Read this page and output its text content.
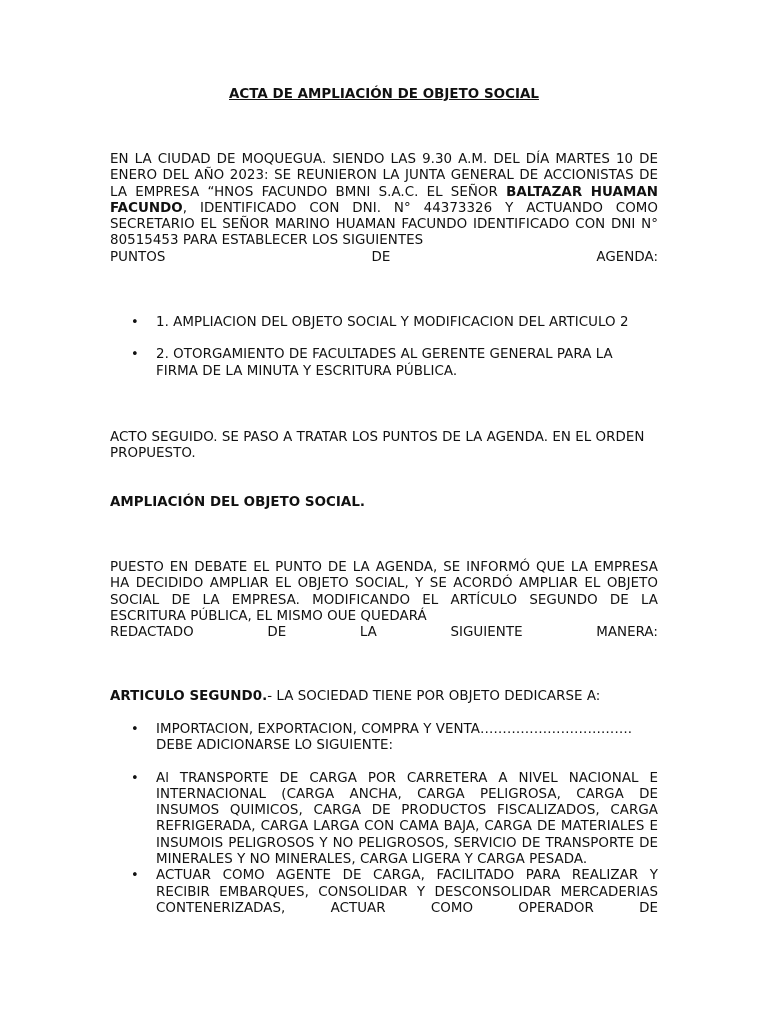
ACTA DE AMPLIACIÓN DE OBJETO SOCIAL
EN LA CIUDAD DE MOQUEGUA. SIENDO LAS 9.30 A.M. DEL DÍA MARTES 10 DE ENERO DEL AÑO 2023: SE REUNIERON LA JUNTA GENERAL DE ACCIONISTAS DE LA EMPRESA “HNOS FACUNDO BMNI S.A.C. EL SEÑOR BALTAZAR HUAMAN FACUNDO, IDENTIFICADO CON DNI. N° 44373326 Y ACTUANDO COMO SECRETARIO EL SEÑOR MARINO HUAMAN FACUNDO IDENTIFICADO CON DNI N° 80515453 PARA ESTABLECER LOS SIGUIENTES
PUNTOS	DE	AGENDA:
• 1. AMPLIACION DEL OBJETO SOCIAL Y MODIFICACION DEL ARTICULO 2
• 2. OTORGAMIENTO DE FACULTADES AL GERENTE GENERAL PARA LA FIRMA DE LA MINUTA Y ESCRITURA PÚBLICA.
ACTO SEGUIDO. SE PASO A TRATAR LOS PUNTOS DE LA AGENDA. EN EL ORDEN PROPUESTO.
AMPLIACIÓN DEL OBJETO SOCIAL.
PUESTO EN DEBATE EL PUNTO DE LA AGENDA, SE INFORMÓ QUE LA EMPRESA HA DECIDIDO AMPLIAR EL OBJETO SOCIAL, Y SE ACORDÓ AMPLIAR EL OBJETO SOCIAL DE LA EMPRESA. MODIFICANDO EL ARTÍCULO SEGUNDO DE LA ESCRITURA PÚBLICA, EL MISMO OUE QUEDARÁ
REDACTADO	DE	LA	SIGUIENTE	MANERA:
ARTICULO SEGUND0.- LA SOCIEDAD TIENE POR OBJETO DEDICARSE A:
• IMPORTACION, EXPORTACION, COMPRA Y VENTA……………………………. DEBE ADICIONARSE LO SIGUIENTE:
• Al TRANSPORTE DE CARGA POR CARRETERA A NIVEL NACIONAL E INTERNACIONAL (CARGA ANCHA, CARGA PELIGROSA, CARGA DE INSUMOS QUIMICOS, CARGA DE PRODUCTOS FISCALIZADOS, CARGA REFRIGERADA, CARGA LARGA CON CAMA BAJA, CARGA DE MATERIALES E INSUMOIS PELIGROSOS Y NO PELIGROSOS, SERVICIO DE TRANSPORTE DE MINERALES Y NO MINERALES, CARGA LIGERA Y CARGA PESADA.
• ACTUAR COMO AGENTE DE CARGA, FACILITADO PARA REALIZAR Y RECIBIR EMBARQUES, CONSOLIDAR Y DESCONSOLIDAR MERCADERIAS CONTENERIZADAS, ACTUAR COMO OPERADOR DE
